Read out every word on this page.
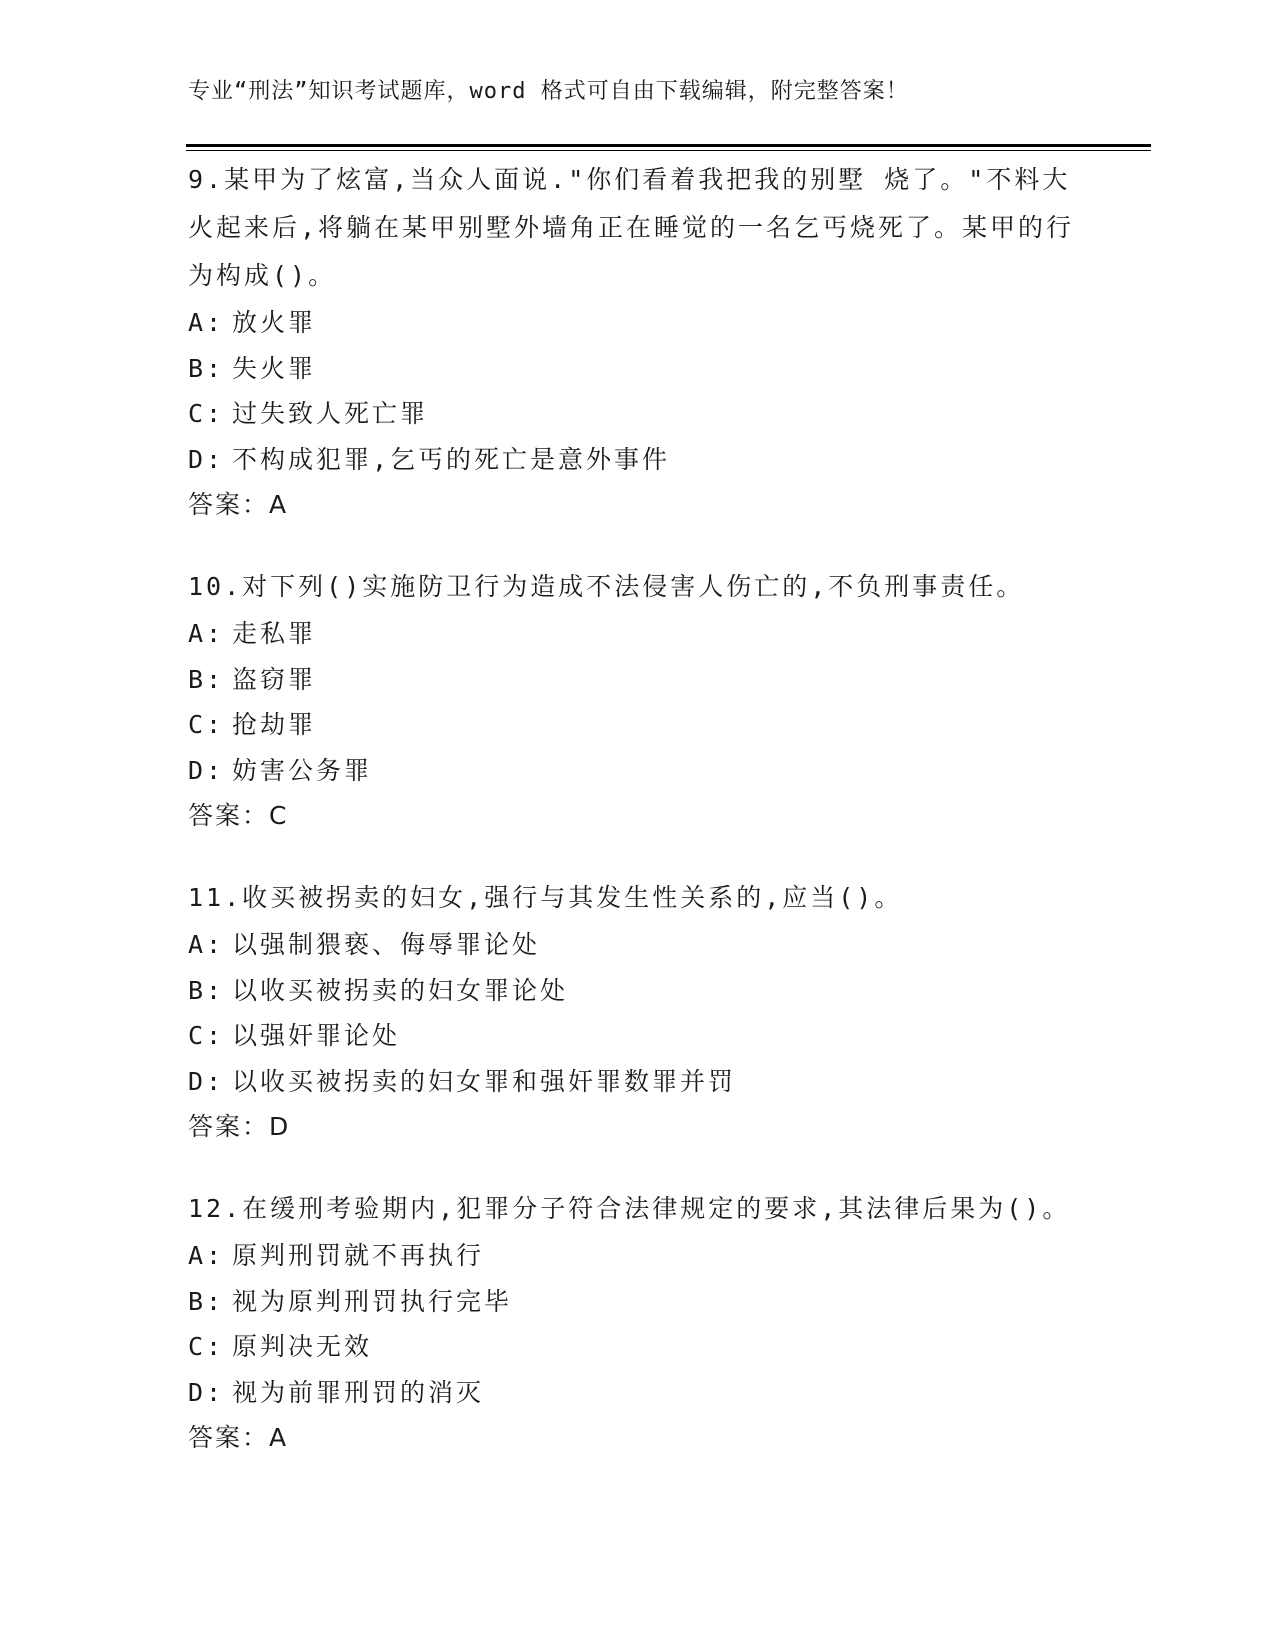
专业“刑法”知识考试题库，word 格式可自由下载编辑，附完整答案！
9.某甲为了炫富,当众人面说."你们看着我把我的别墅 烧了。"不料大火起来后,将躺在某甲别墅外墙角正在睡觉的一名乞丐烧死了。某甲的行为构成()。
A: 放火罪
B: 失火罪
C: 过失致人死亡罪
D: 不构成犯罪,乞丐的死亡是意外事件
答案：A
10.对下列()实施防卫行为造成不法侵害人伤亡的,不负刑事责任。
A: 走私罪
B: 盗窃罪
C: 抢劫罪
D: 妨害公务罪
答案：C
11.收买被拐卖的妇女,强行与其发生性关系的,应当()。
A: 以强制猥亵、侮辱罪论处
B: 以收买被拐卖的妇女罪论处
C: 以强奸罪论处
D: 以收买被拐卖的妇女罪和强奸罪数罪并罚
答案：D
12.在缓刑考验期内,犯罪分子符合法律规定的要求,其法律后果为()。
A: 原判刑罚就不再执行
B: 视为原判刑罚执行完毕
C: 原判决无效
D: 视为前罪刑罚的消灭
答案：A
